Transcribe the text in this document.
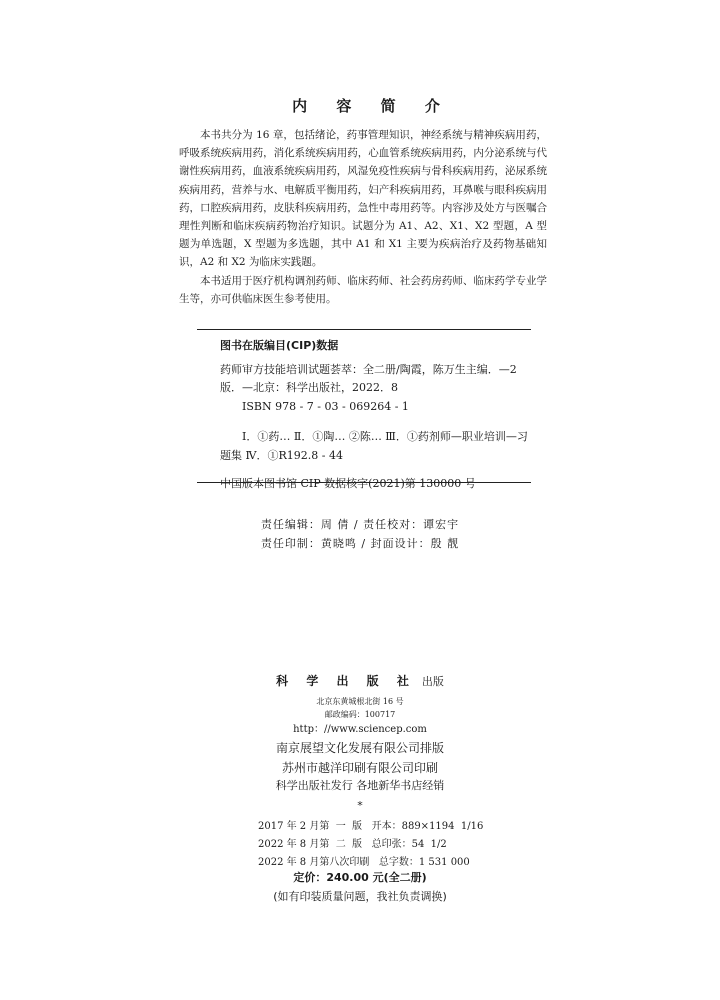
内 容 简 介

本书共分为 16 章，包括绪论，药事管理知识，神经系统与精神疾病用药，呼吸系统疾病用药，消化系统疾病用药，心血管系统疾病用药，内分泌系统与代谢性疾病用药，血液系统疾病用药，风湿免疫性疾病与骨科疾病用药，泌尿系统疾病用药，营养与水、电解质平衡用药，妇产科疾病用药，耳鼻喉与眼科疾病用药，口腔疾病用药，皮肤科疾病用药，急性中毒用药等。内容涉及处方与医嘱合理性判断和临床疾病药物治疗知识。试题分为 A1、A2、X1、X2 型题，A 型题为单选题，X 型题为多选题，其中 A1 和 X1 主要为疾病治疗及药物基础知识，A2 和 X2 为临床实践题。

本书适用于医疗机构调剂药师、临床药师、社会药房药师、临床药学专业学生等，亦可供临床医生参考使用。

图书在版编目(CIP)数据
药师审方技能培训试题荟萃：全二册/陶霞，陈万生主编．—2 版．—北京：科学出版社，2022．8
ISBN 978 - 7 - 03 - 069264 - 1
Ⅰ．①药… Ⅱ．①陶… ②陈… Ⅲ．①药剂师—职业培训—习题集 Ⅳ．①R192.8 - 44
中国版本图书馆 CIP 数据核字(2021)第 130000 号
责任编辑：周 倩 / 责任校对：谭宏宇
责任印制：黄晓鸣 / 封面设计：殷 靓
科 学 出 版 社 出版
北京东黄城根北街 16 号
邮政编码：100717
http：//www.sciencep.com
南京展望文化发展有限公司排版
苏州市越洋印刷有限公司印刷
科学出版社发行 各地新华书店经销
*
2017 年 2 月第  一  版   开本：889×1194  1/16
2022 年 8 月第  二  版   总印张：54  1/2
2022 年 8 月第八次印刷   总字数：1 531 000
定价：240.00 元(全二册)
(如有印装质量问题，我社负责调换)
